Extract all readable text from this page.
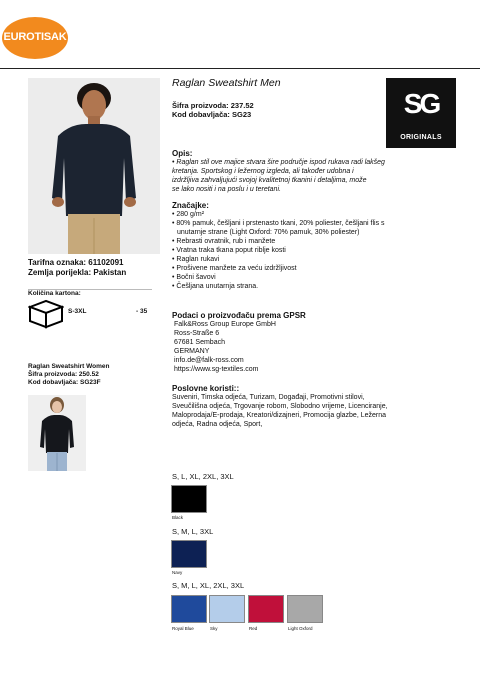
EUROTISAK
Tarifna oznaka: 61102091
Zemlja porijekla: Pakistan
Količina kartona:
S-3XL	- 35
Raglan Sweatshirt Women
Šifra proizvoda: 250.52
Kod dobavljača: SG23F
Raglan Sweatshirt Men
Šifra proizvoda: 237.52
Kod dobavljača: SG23	SG
ORIGINALS
Opis:
• Raglan stil ove majice stvara šire područje ispod rukava radi lakšeg
kretanja. Sportskog i ležernog izgleda, ali također udobna i
izdržljiva zahvaljujući svojoj kvalitetnoj tkanini i detaljima, može
se lako nositi i na poslu i u teretani.
Značajke:
• 280 g/m²
• 80% pamuk, češljani i prstenasto tkani, 20% poliester, češljani flis s
unutarnje strane (Light Oxford: 70% pamuk, 30% poliester)
• Rebrasti ovratnik, rub i manžete
• Vratna traka tkana poput riblje kosti
• Raglan rukavi
• Prošivene manžete za veću izdržljivost
• Bočni šavovi
• Češljana unutarnja strana.
Podaci o proizvođaču prema GPSR
Falk&Ross Group Europe GmbH
Ross-Straße 6
67681 Sembach
GERMANY
info.de@falk-ross.com
https://www.sg-textiles.com
Poslovne koristi::
Suveniri, Timska odjeća, Turizam, Događaji, Promotivni stilovi,
Sveučilišna odjeća, Trgovanje robom, Slobodno vrijeme, Licenciranje,
Maloprodaja/E-prodaja, Kreatori/dizajneri, Promocija glazbe, Ležerna
odjeća, Radna odjeća, Sport,
S, L, XL, 2XL, 3XL
Black
S, M, L, 3XL
Navy
S, M, L, XL, 2XL, 3XL
Royal Blue	Sky	Red	Light Oxford
